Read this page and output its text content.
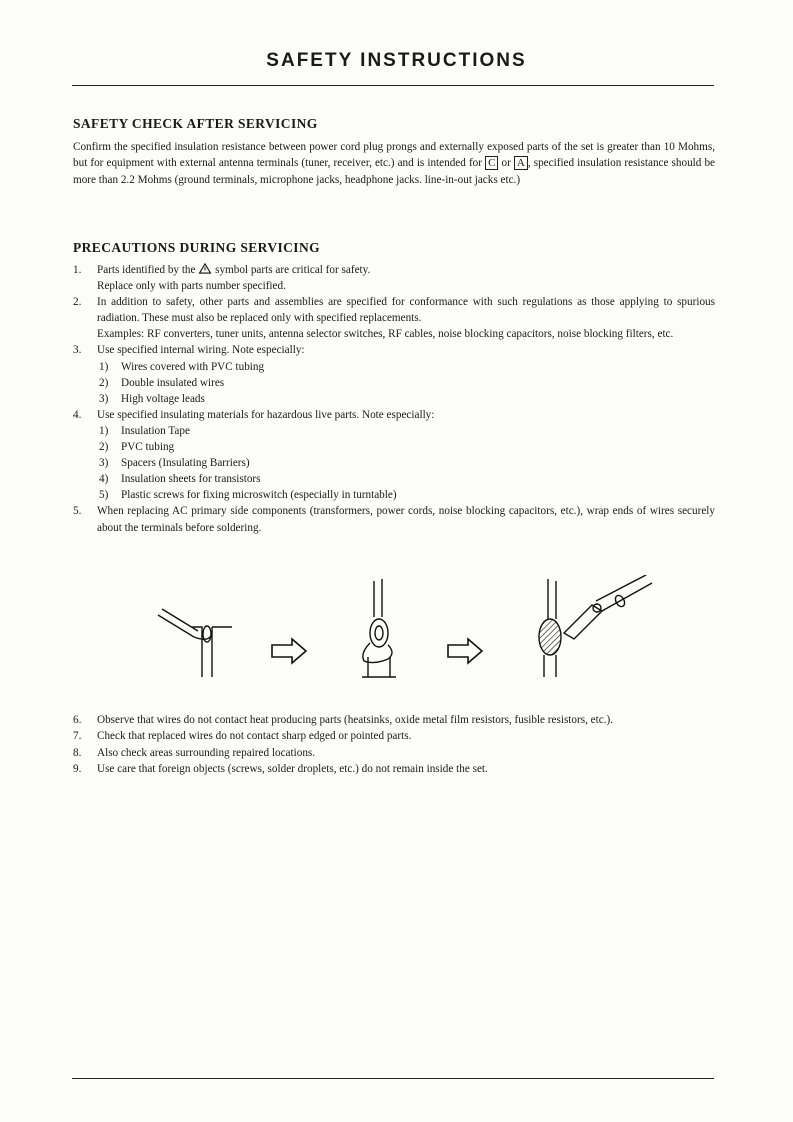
SAFETY INSTRUCTIONS
SAFETY CHECK AFTER SERVICING
Confirm the specified insulation resistance between power cord plug prongs and externally exposed parts of the set is greater than 10 Mohms, but for equipment with external antenna terminals (tuner, receiver, etc.) and is intended for C or A , specified insulation resistance should be more than 2.2 Mohms (ground terminals, microphone jacks, headphone jacks. line-in-out jacks etc.)
PRECAUTIONS DURING SERVICING
1. Parts identified by the symbol parts are critical for safety.
Replace only with parts number specified.
2. In addition to safety, other parts and assemblies are specified for conformance with such regulations as those applying to spurious radiation. These must also be replaced only with specified replacements.
Examples: RF converters, tuner units, antenna selector switches, RF cables, noise blocking capacitors, noise blocking filters, etc.
3. Use specified internal wiring. Note especially:
1) Wires covered with PVC tubing
2) Double insulated wires
3) High voltage leads
4. Use specified insulating materials for hazardous live parts. Note especially:
1) Insulation Tape
2) PVC tubing
3) Spacers (Insulating Barriers)
4) Insulation sheets for transistors
5) Plastic screws for fixing microswitch (especially in turntable)
5. When replacing AC primary side components (transformers, power cords, noise blocking capacitors, etc.), wrap ends of wires securely about the terminals before soldering.
6. Observe that wires do not contact heat producing parts (heatsinks, oxide metal film resistors, fusible resistors, etc.).
7. Check that replaced wires do not contact sharp edged or pointed parts.
8. Also check areas surrounding repaired locations.
9. Use care that foreign objects (screws, solder droplets, etc.) do not remain inside the set.
